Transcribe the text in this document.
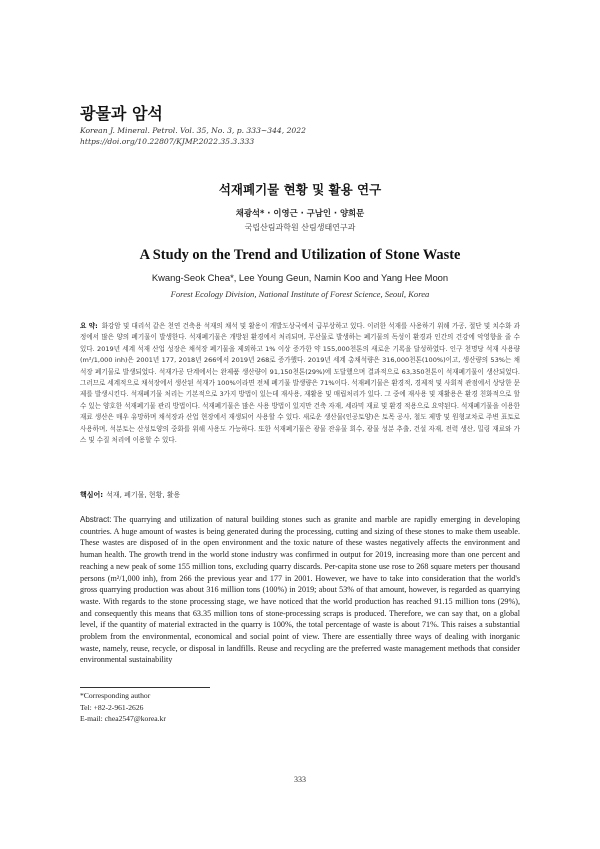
광물과 암석
Korean J. Mineral. Petrol. Vol. 35, No. 3, p. 333~344, 2022
https://doi.org/10.22807/KJMP.2022.35.3.333
석재폐기물 현황 및 활용 연구
채광석* · 이영근 · 구남인 · 양희문
국립산림과학원 산림생태연구과
A Study on the Trend and Utilization of Stone Waste
Kwang-Seok Chea*, Lee Young Geun, Namin Koo and Yang Hee Moon
Forest Ecology Division, National Institute of Forest Science, Seoul, Korea

요 약: 화강암 및 대리석 같은 천연 건축용 석재의 채석 및 활용이 개발도상국에서 급부상하고 있다. 이러한 석재를 사용하기 위해 가공, 절단 및 치수화 과정에서 많은 양의 폐기물이 발생한다. 석재폐기물은 개방된 환경에서 처리되며, 무산물로 발생하는 폐기물의 독성이 환경과 인간의 건강에 악영향을 줄 수 있다. 2019년 세계 석재 산업 성장은 채석장 폐기물을 제외하고 1% 이상 증가한 약 155,000천톤의 새로운 기록을 달성하였다. 인구 천명당 석재 사용량(m²/1,000 inh)은 2001년 177, 2018년 266에서 2019년 268로 증가했다. 2019년 세계 총채석량은 316,000천톤(100%)이고, 생산량의 53%는 채석장 폐기물로 발생되었다. 석재가공 단계에서는 완제품 생산량이 91,150천톤(29%)에 도달했으며 결과적으로 63,350천톤이 석재폐기물이 생산되었다. 그러므로 세계적으로 채석장에서 생산된 석재가 100%이라면 전체 폐기물 발생량은 71%이다. 석재폐기물은 환경적, 경제적 및 사회적 관점에서 상당한 문제를 발생시킨다. 석재폐기물 처리는 기본적으로 3가지 방법이 있는데 재사용, 재활용 및 매립처리가 있다. 그 중에 재사용 및 재활용은 환경 친화적으로 할 수 있는 양호한 석재폐기물 관리 방법이다. 석재폐기물은 많은 사용 방법이 있지만 건축 자재, 세라믹 재료 및 환경 적용으로 요약된다. 석재폐기물을 이용한 재료 생산은 매우 유망하며 채석장과 산업 현장에서 재생되어 사용할 수 있다. 새로운 생산물(인공토양)은 토목 공사, 철도 제방 및 원형교차로 주변 표토로 사용하며, 석분토는 산성토양의 중화를 위해 사용도 가능하다. 또한 석재폐기물은 광물 잔유물 회수, 광물 성분 추출, 건설 자재, 전력 생산, 밀링 재료와 가스 및 수질 처리에 이용할 수 있다.

핵심어: 석재, 폐기물, 현황, 활용

Abstract: The quarrying and utilization of natural building stones such as granite and marble are rapidly emerging in developing countries. A huge amount of wastes is being generated during the processing, cutting and sizing of these stones to make them useable. These wastes are disposed of in the open environment and the toxic nature of these wastes negatively affects the environment and human health. The growth trend in the world stone industry was confirmed in output for 2019, increasing more than one percent and reaching a new peak of some 155 million tons, excluding quarry discards. Per-capita stone use rose to 268 square meters per thousand persons (m²/1,000 inh), from 266 the previous year and 177 in 2001. However, we have to take into consideration that the world's gross quarrying production was about 316 million tons (100%) in 2019; about 53% of that amount, however, is regarded as quarrying waste. With regards to the stone processing stage, we have noticed that the world production has reached 91.15 million tons (29%), and consequently this means that 63.35 million tons of stone-processing scraps is produced. Therefore, we can say that, on a global level, if the quantity of material extracted in the quarry is 100%, the total percentage of waste is about 71%. This raises a substantial problem from the environmental, economical and social point of view. There are essentially three ways of dealing with inorganic waste, namely, reuse, recycle, or disposal in landfills. Reuse and recycling are the preferred waste management methods that consider environmental sustainability

*Corresponding author
Tel: +82-2-961-2626
E-mail: chea2547@korea.kr
333
